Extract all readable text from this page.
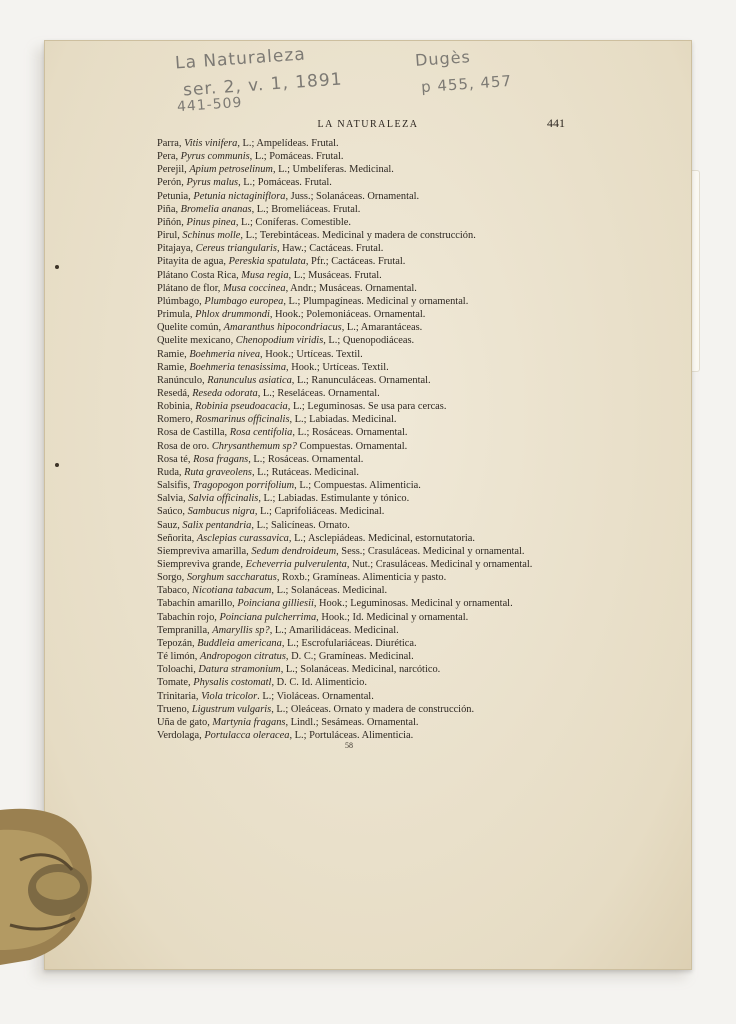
La Naturaleza
ser. 2, v. 1, 1891
441-509
Dugès
p 455, 457
LA NATURALEZA	441
Parra, Vitis vinifera, L.; Ampelídeas. Frutal.
Pera, Pyrus communis, L.; Pomáceas. Frutal.
Perejil, Apium petroselinum, L.; Umbelíferas. Medicinal.
Perón, Pyrus malus, L.; Pomáceas. Frutal.
Petunia, Petunia nictaginiflora, Juss.; Solanáceas. Ornamental.
Piña, Bromelia ananas, L.; Bromeliáceas. Frutal.
Piñón, Pinus pinea, L.; Coníferas. Comestible.
Pirul, Schinus molle, L.; Terebintáceas. Medicinal y madera de construcción.
Pitajaya, Cereus triangularis, Haw.; Cactáceas. Frutal.
Pitayita de agua, Pereskia spatulata, Pfr.; Cactáceas. Frutal.
Plátano Costa Rica, Musa regia, L.; Musáceas. Frutal.
Plátano de flor, Musa coccinea, Andr.; Musáceas. Ornamental.
Plúmbago, Plumbago europea, L.; Plumpagíneas. Medicinal y ornamental.
Primula, Phlox drummondi, Hook.; Polemoniáceas. Ornamental.
Quelite común, Amaranthus hipocondriacus, L.; Amarantáceas.
Quelite mexicano, Chenopodium viridis, L.; Quenopodiáceas.
Ramie, Boehmeria nivea, Hook.; Urtíceas. Textil.
Ramie, Boehmeria tenasissima, Hook.; Urtíceas. Textil.
Ranúnculo, Ranunculus asiatica, L.; Ranunculáceas. Ornamental.
Resedá, Reseda odorata, L.; Reseláceas. Ornamental.
Robinia, Robinia pseudoacacia, L.; Leguminosas. Se usa para cercas.
Romero, Rosmarinus officinalis, L.; Labiadas. Medicinal.
Rosa de Castilla, Rosa centifolia, L.; Rosáceas. Ornamental.
Rosa de oro. Chrysanthemum sp? Compuestas. Ornamental.
Rosa té, Rosa fragans, L.; Rosáceas. Ornamental.
Ruda, Ruta graveolens, L.; Rutáceas. Medicinal.
Salsifis, Tragopogon porrifolium, L.; Compuestas. Alimenticia.
Salvia, Salvia officinalis, L.; Labiadas. Estimulante y tónico.
Saúco, Sambucus nigra, L.; Caprifoliáceas. Medicinal.
Sauz, Salix pentandria, L.; Salicíneas. Ornato.
Señorita, Asclepias curassavica, L.; Asclepiádeas. Medicinal, estornutatoria.
Siempreviva amarilla, Sedum dendroideum, Sess.; Crasuláceas. Medicinal y ornamental.
Siempreviva grande, Echeverria pulverulenta, Nut.; Crasuláceas. Medicinal y ornamental.
Sorgo, Sorghum saccharatus, Roxb.; Gramíneas. Alimenticia y pasto.
Tabaco, Nicotiana tabacum, L.; Solanáceas. Medicinal.
Tabachín amarillo, Poinciana gilliesii, Hook.; Leguminosas. Medicinal y ornamental.
Tabachín rojo, Poinciana pulcherrima, Hook.; Id. Medicinal y ornamental.
Tempranilla, Amaryllis sp?, L.; Amarilidáceas. Medicinal.
Tepozán, Buddleia americana, L.; Escrofulariáceas. Diurética.
Té limón, Andropogon citratus, D. C.; Gramíneas. Medicinal.
Toloachi, Datura stramonium, L.; Solanáceas. Medicinal, narcótico.
Tomate, Physalis costomatl, D. C. Id. Alimenticio.
Trinitaria, Viola tricolor. L.; Violáceas. Ornamental.
Trueno, Ligustrum vulgaris, L.; Oleáceas. Ornato y madera de construcción.
Uña de gato, Martynia fragans, Lindl.; Sesámeas. Ornamental.
Verdolaga, Portulacca oleracea, L.; Portuláceas. Alimenticia.
58
